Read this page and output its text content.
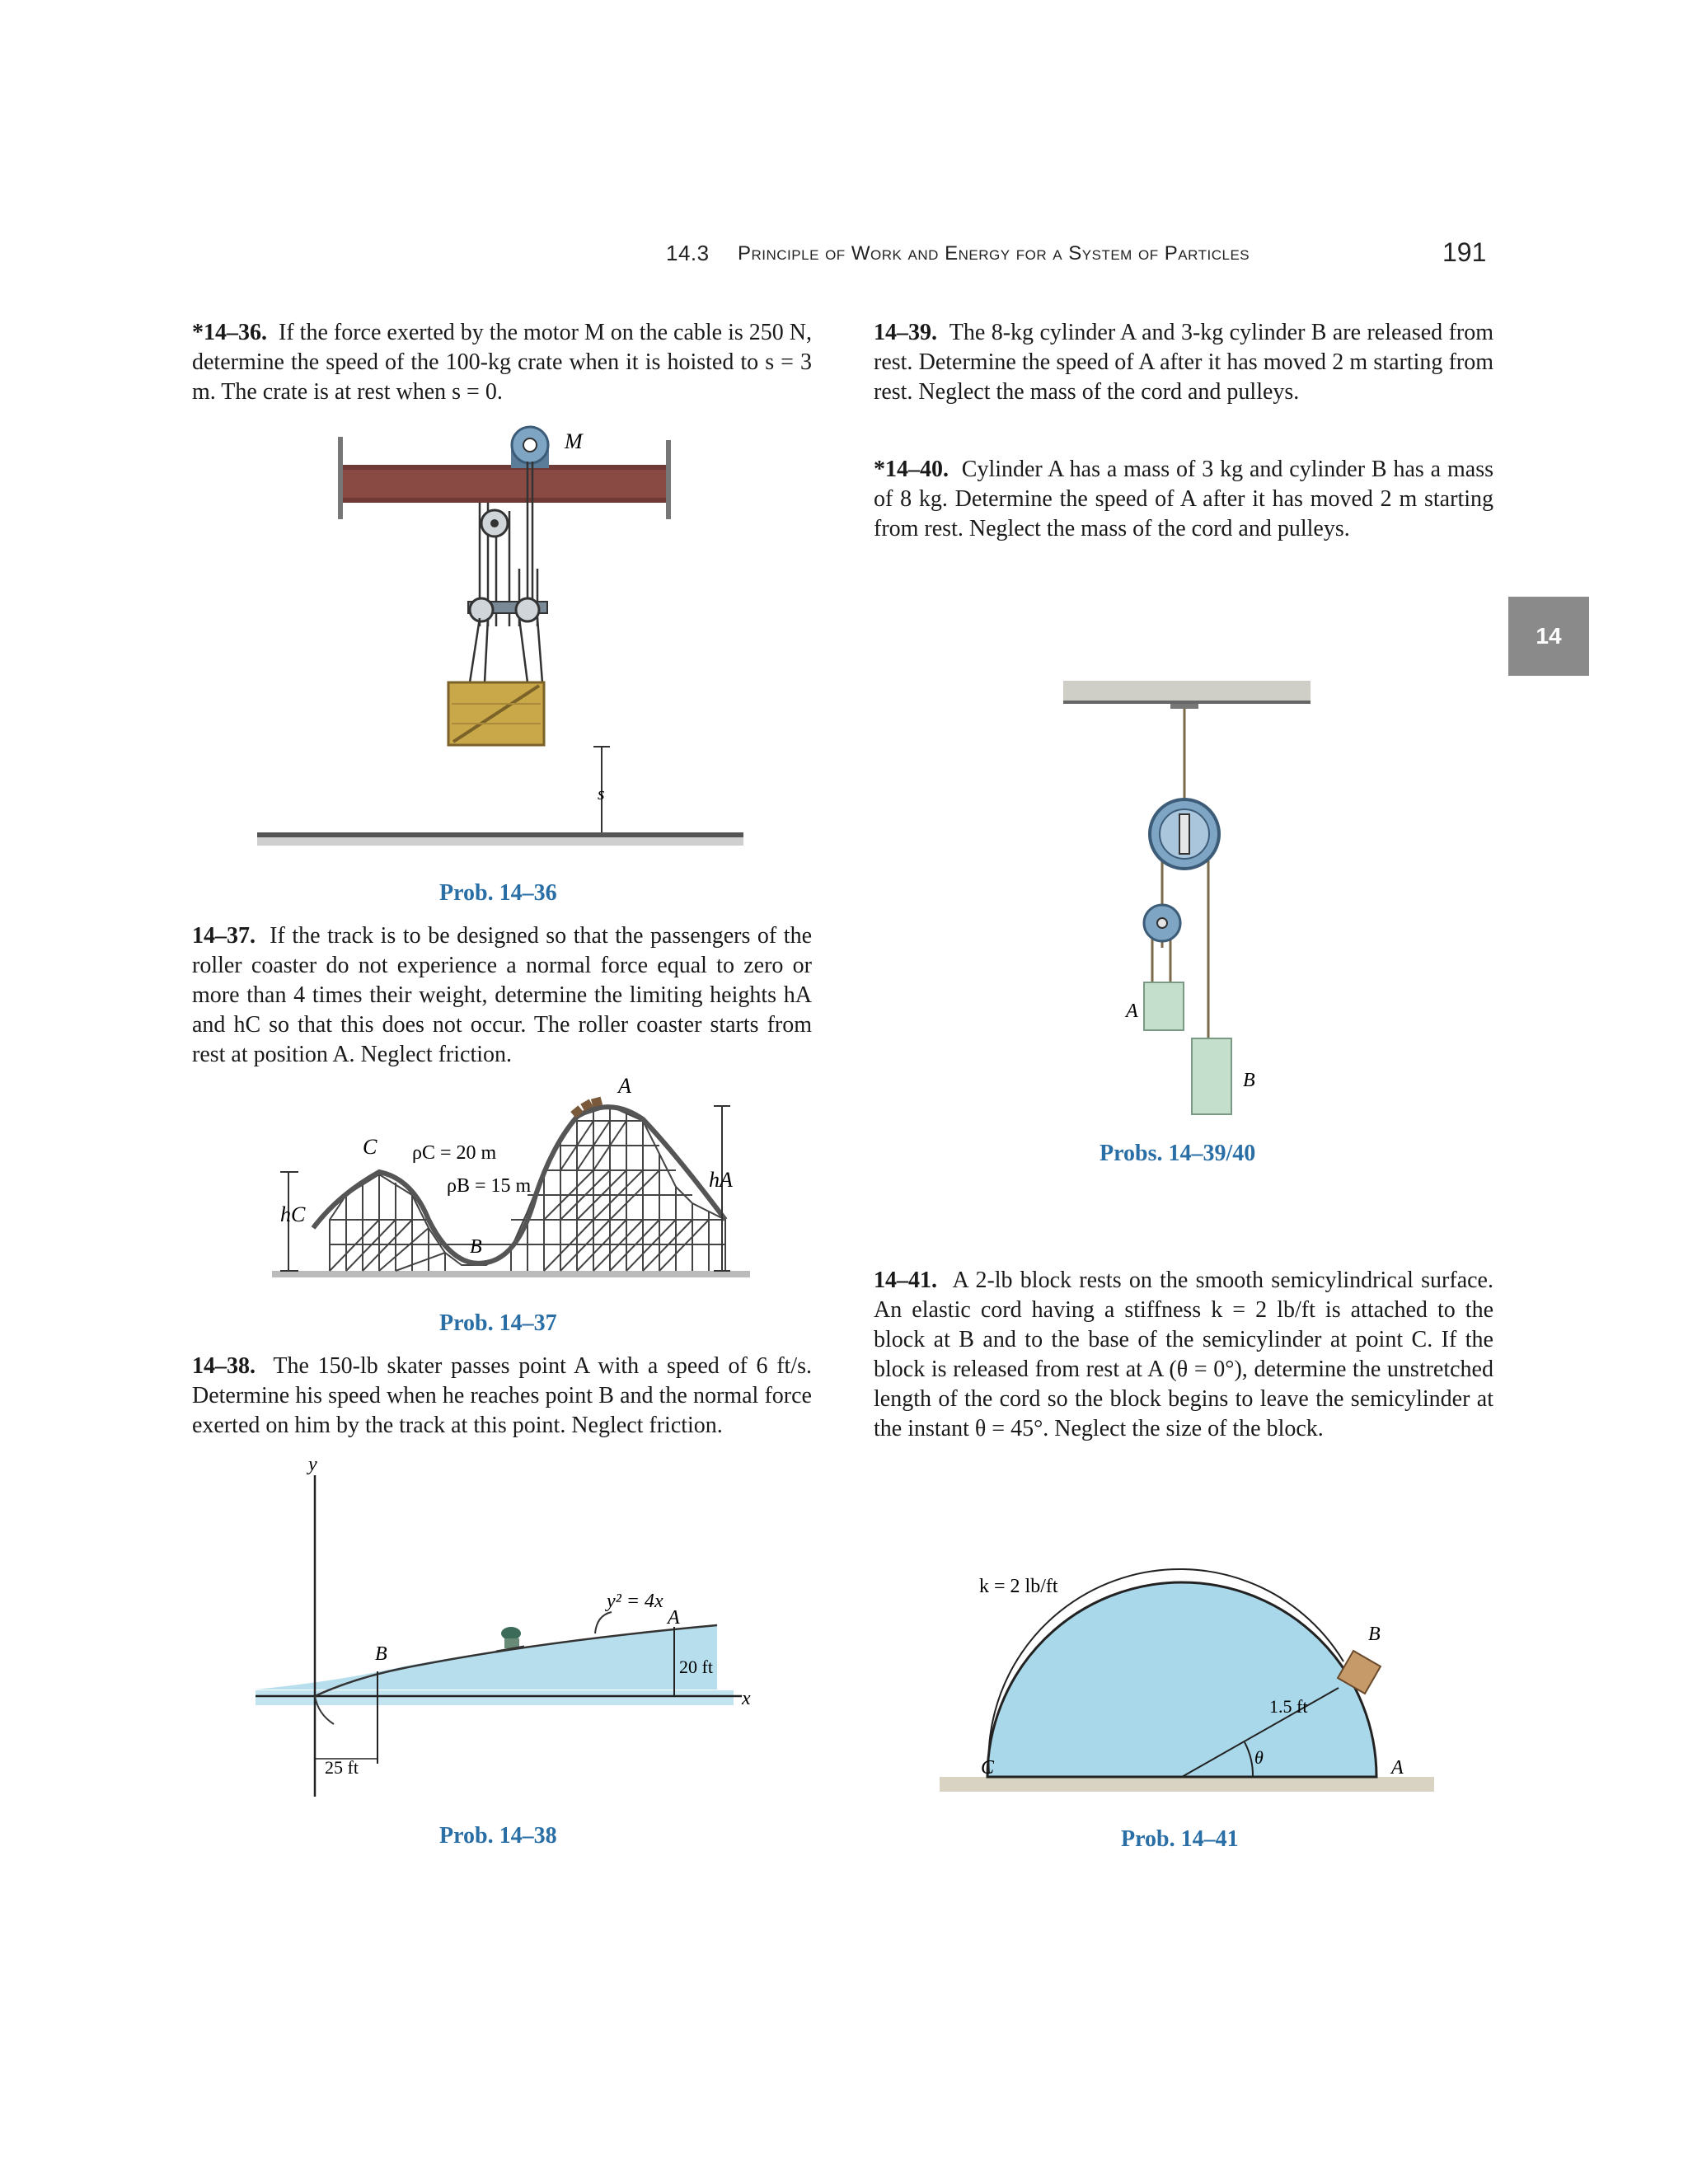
14.3 Principle of Work and Energy for a System of Particles	191
14
*14–36. If the force exerted by the motor M on the cable is 250 N, determine the speed of the 100-kg crate when it is hoisted to s = 3 m. The crate is at rest when s = 0.
M
s
Prob. 14–36
14–37. If the track is to be designed so that the passengers of the roller coaster do not experience a normal force equal to zero or more than 4 times their weight, determine the limiting heights hA and hC so that this does not occur. The roller coaster starts from rest at position A. Neglect friction.
hC
hA
C
A
B
ρC = 20 m
ρB = 15 m
Prob. 14–37
14–38. The 150-lb skater passes point A with a speed of 6 ft/s. Determine his speed when he reaches point B and the normal force exerted on him by the track at this point. Neglect friction.
x
y
y² = 4x
A
B
20 ft
25 ft
Prob. 14–38
14–39. The 8-kg cylinder A and 3-kg cylinder B are released from rest. Determine the speed of A after it has moved 2 m starting from rest. Neglect the mass of the cord and pulleys.
*14–40. Cylinder A has a mass of 3 kg and cylinder B has a mass of 8 kg. Determine the speed of A after it has moved 2 m starting from rest. Neglect the mass of the cord and pulleys.
A
B
Probs. 14–39/40
14–41. A 2-lb block rests on the smooth semicylindrical surface. An elastic cord having a stiffness k = 2 lb/ft is attached to the block at B and to the base of the semicylinder at point C. If the block is released from rest at A (θ = 0°), determine the unstretched length of the cord so the block begins to leave the semicylinder at the instant θ = 45°. Neglect the size of the block.
1.5 ft
θ
B
C	A
k = 2 lb/ft
Prob. 14–41
